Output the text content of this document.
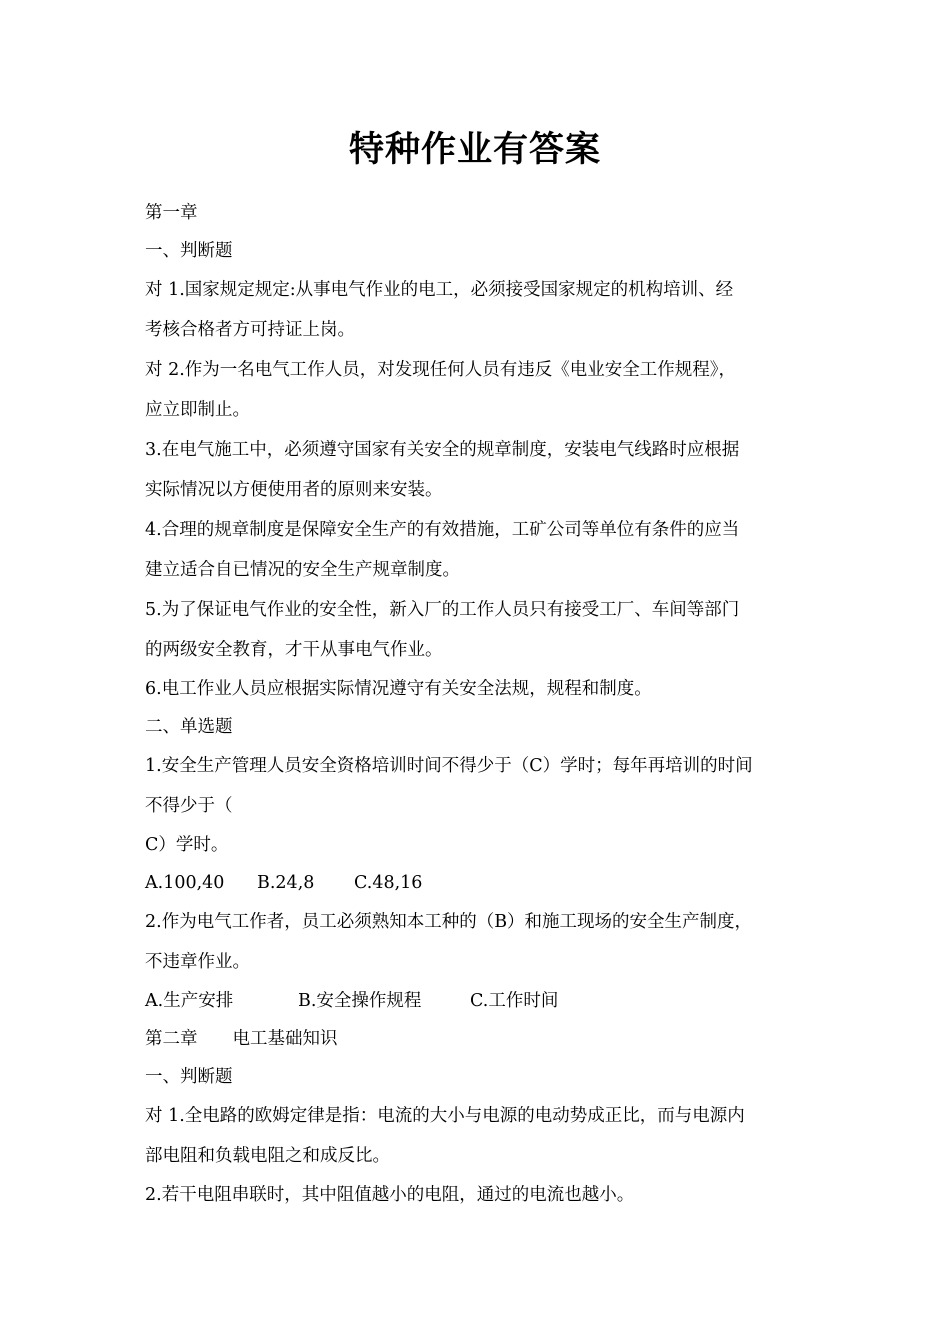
特种作业有答案

第一章

一、判断题

对 1.国家规定规定:从事电气作业的电工，必须接受国家规定的机构培训、经

考核合格者方可持证上岗。

对 2.作为一名电气工作人员，对发现任何人员有违反《电业安全工作规程》，

应立即制止。

3.在电气施工中，必须遵守国家有关安全的规章制度，安装电气线路时应根据

实际情况以方便使用者的原则来安装。

4.合理的规章制度是保障安全生产的有效措施，工矿公司等单位有条件的应当

建立适合自已情况的安全生产规章制度。

5.为了保证电气作业的安全性，新入厂的工作人员只有接受工厂、车间等部门

的两级安全教育，才干从事电气作业。

6.电工作业人员应根据实际情况遵守有关安全法规，规程和制度。

二、单选题

1.安全生产管理人员安全资格培训时间不得少于（C）学时；每年再培训的时间

不得少于（

C）学时。

A.100,40 B.24,8 C.48,16

2.作为电气工作者，员工必须熟知本工种的（B）和施工现场的安全生产制度，

不违章作业。

A.生产安排	B.安全操作规程	C.工作时间

第二章　　电工基础知识

一、判断题

对 1.全电路的欧姆定律是指：电流的大小与电源的电动势成正比，而与电源内

部电阻和负载电阻之和成反比。

2.若干电阻串联时，其中阻值越小的电阻，通过的电流也越小。
